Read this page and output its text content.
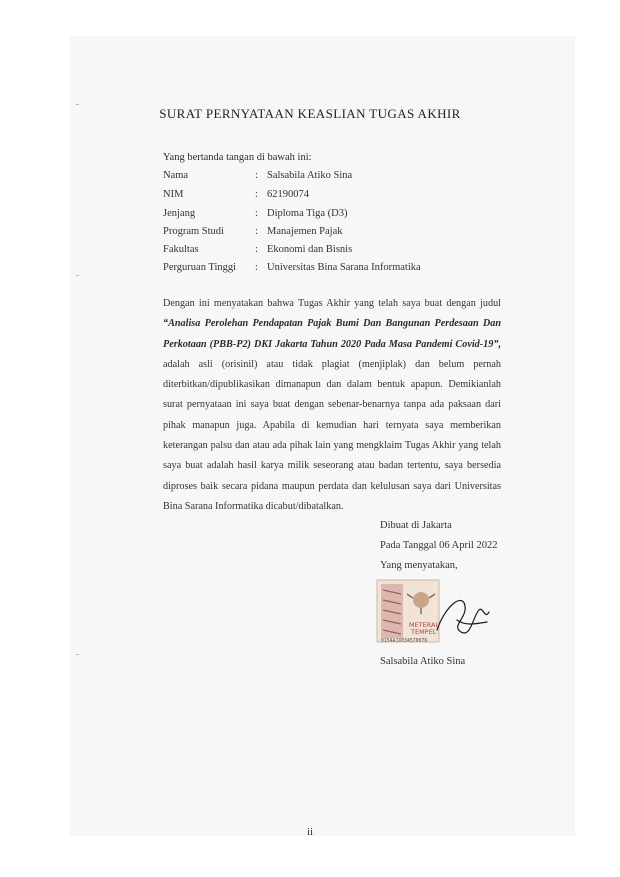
SURAT PERNYATAAN KEASLIAN TUGAS AKHIR
Yang bertanda tangan di bawah ini:
Nama	: Salsabila Atiko Sina
NIM	: 62190074
Jenjang	: Diploma Tiga (D3)
Program Studi	: Manajemen Pajak
Fakultas	: Ekonomi dan Bisnis
Perguruan Tinggi : Universitas Bina Sarana Informatika
Dengan ini menyatakan bahwa Tugas Akhir yang telah saya buat dengan judul “Analisa Perolehan Pendapatan Pajak Bumi Dan Bangunan Perdesaan Dan Perkotaan (PBB-P2) DKI Jakarta Tahun 2020 Pada Masa Pandemi Covid-19”, adalah asli (orisinil) atau tidak plagiat (menjiplak) dan belum pernah diterbitkan/dipublikasikan dimanapun dan dalam bentuk apapun. Demikianlah surat pernyataan ini saya buat dengan sebenar-benarnya tanpa ada paksaan dari pihak manapun juga. Apabila di kemudian hari ternyata saya memberikan keterangan palsu dan atau ada pihak lain yang mengklaim Tugas Akhir yang telah saya buat adalah hasil karya milik seseorang atau badan tertentu, saya bersedia diproses baik secara pidana maupun perdata dan kelulusan saya dari Universitas Bina Sarana Informatika dicabut/dibatalkan.
Dibuat di Jakarta
Pada Tanggal 06 April 2022
Yang menyatakan,
METERAI
TEMPEL
0154AJX034570076
Salsabila Atiko Sina
ii
